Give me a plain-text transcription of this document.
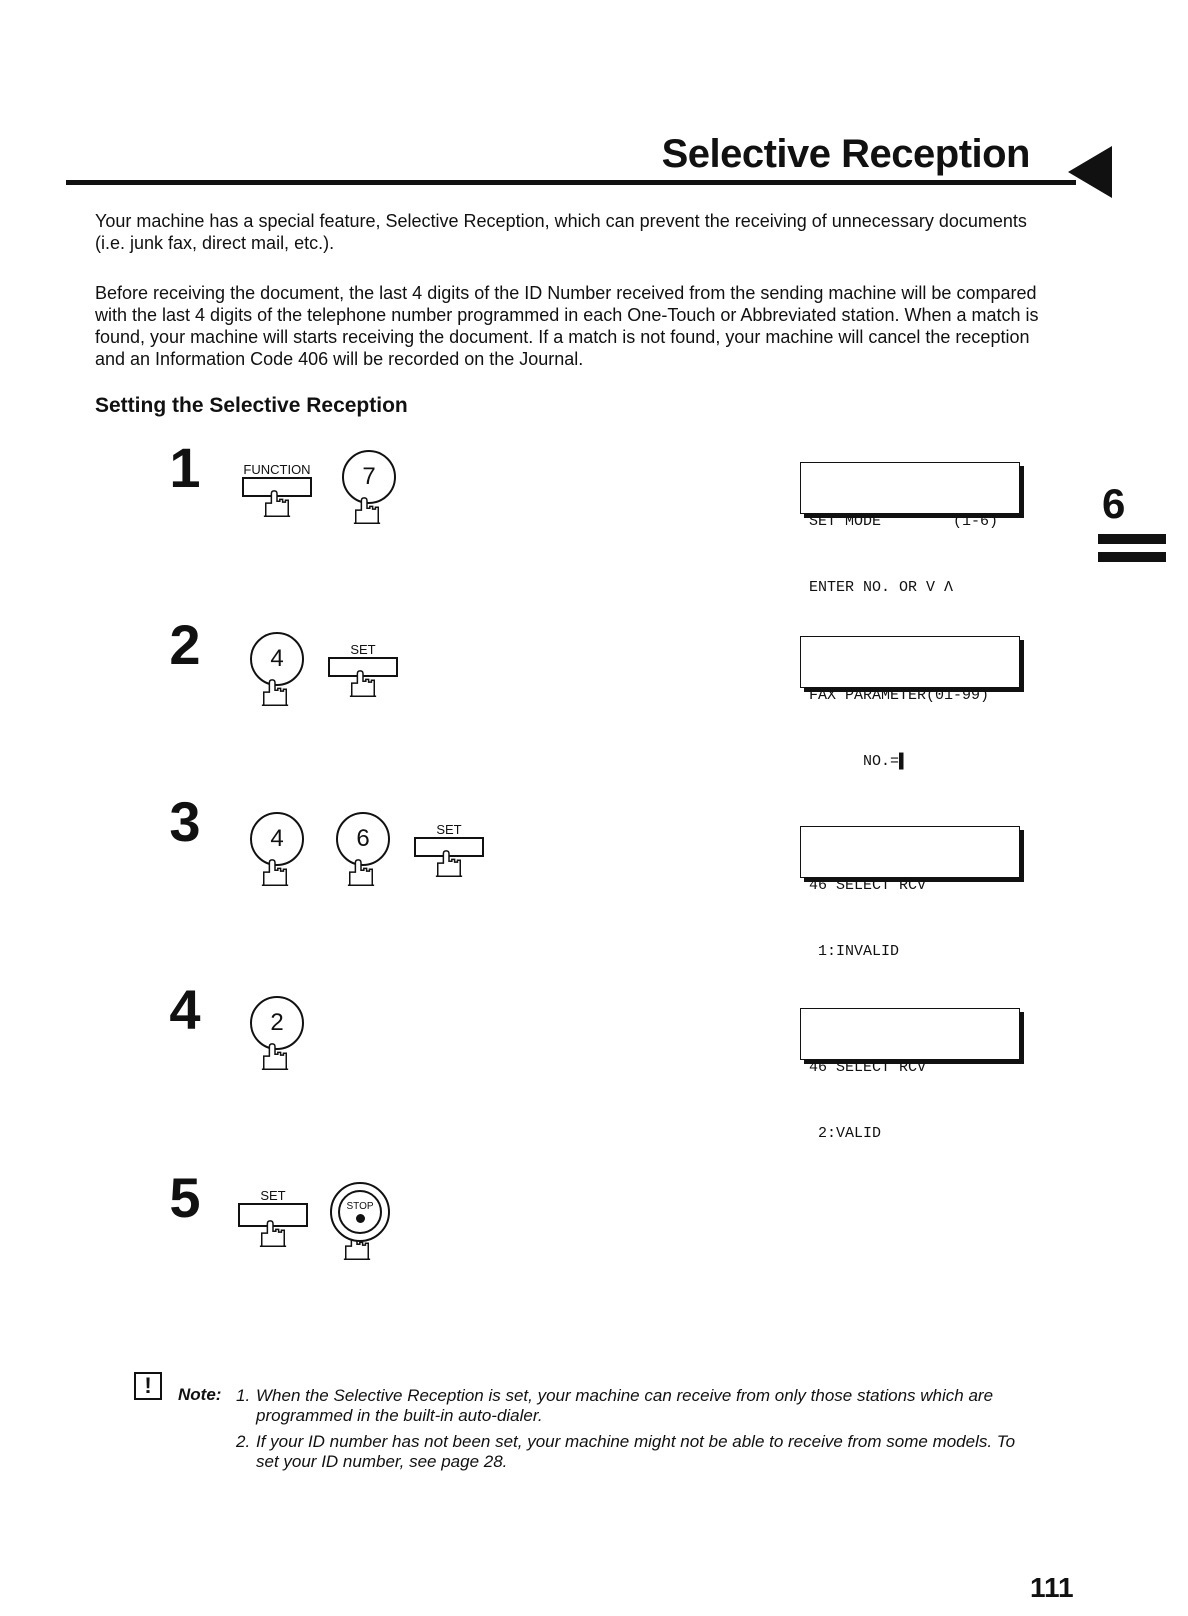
Selective Reception
Your machine has a special feature, Selective Reception, which can prevent the receiving of unnecessary documents (i.e. junk fax, direct mail, etc.).
Before receiving the document, the last 4 digits of the ID Number received from the sending machine will be compared with the last 4 digits of the telephone number programmed in each One-Touch or Abbreviated station. When a match is found, your machine will starts receiving the document. If a match is not found, your machine will cancel the reception and an Information Code 406 will be recorded on the Journal.
Setting the Selective Reception
6
1	FUNCTION	7

SET MODE        (1-6)

ENTER NO. OR V Λ

2	4	SET

FAX PARAMETER(01-99)

NO.=▌

3	4	6	SET

46 SELECT RCV

1:INVALID

4	2

46 SELECT RCV

2:VALID

5	SET
STOP
!	Note: 1. When the Selective Reception is set, your machine can receive from only those stations which are programmed in the built-in auto-dialer.
2. If your ID number has not been set, your machine might not be able to receive from some models. To set your ID number, see page 28.
111
